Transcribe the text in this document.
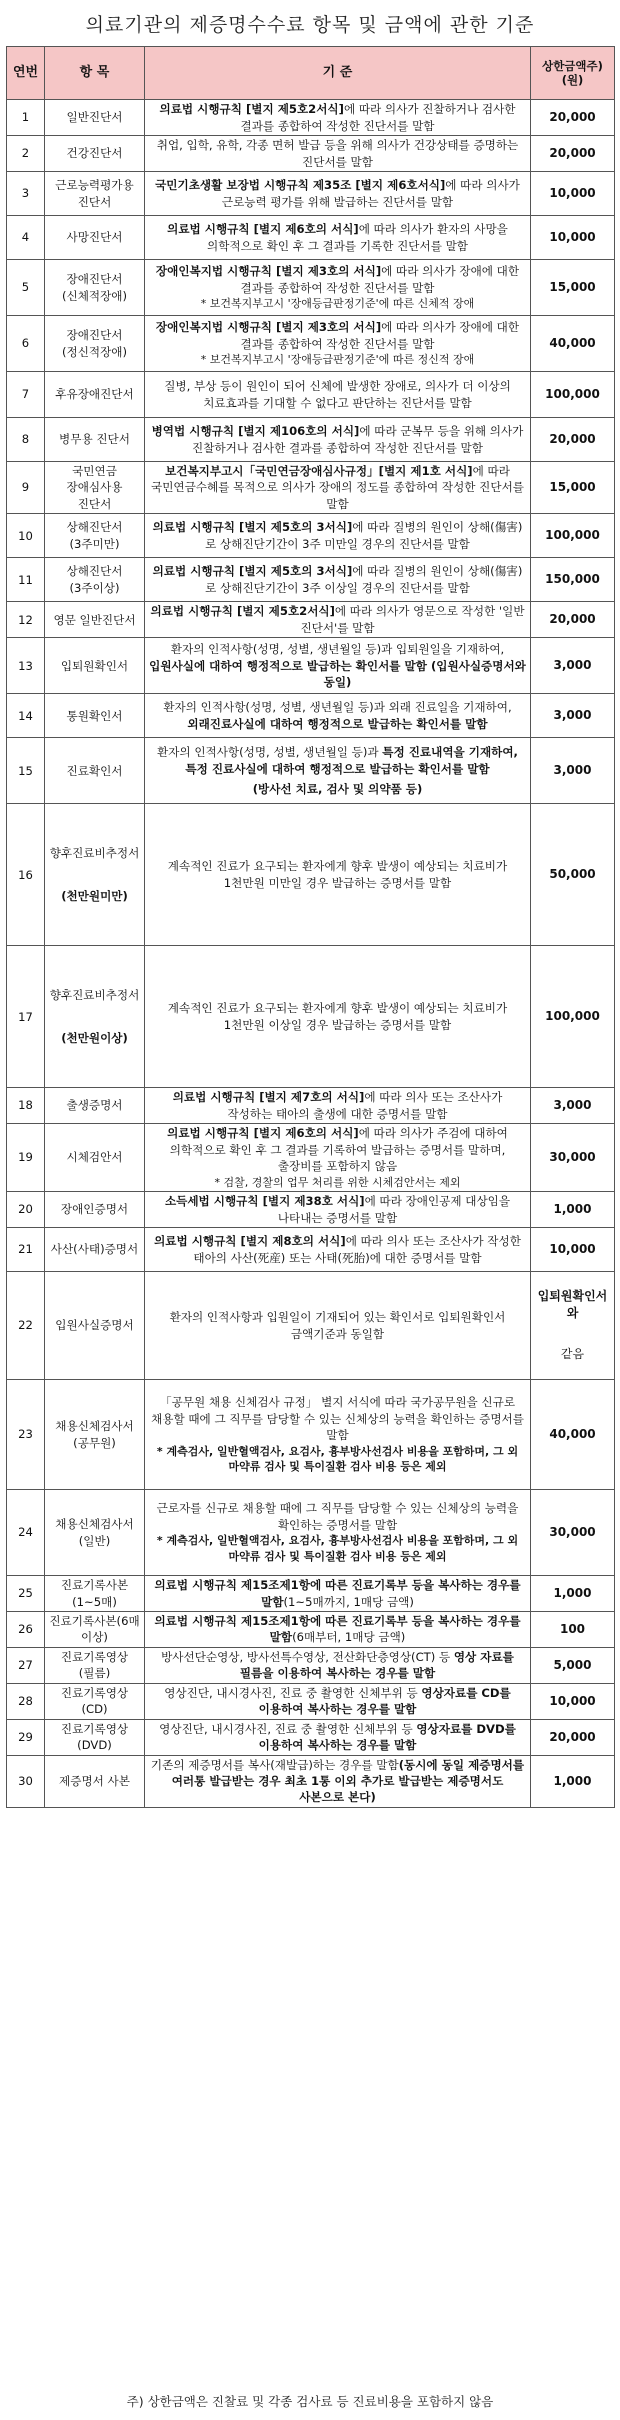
의료기관의 제증명수수료 항목 및 금액에 관한 기준
연번	항 목	기 준	상한금액주)(원)
1	일반진단서	의료법 시행규칙 [별지 제5호2서식]에 따라 의사가 진찰하거나 검사한 결과를 종합하여 작성한 진단서를 말함	20,000

2	건강진단서	취업, 입학, 유학, 각종 면허 발급 등을 위해 의사가 건강상태를 증명하는 진단서를 말함	20,000

3	근로능력평가용 진단서	국민기초생활 보장법 시행규칙 제35조 [별지 제6호서식]에 따라 의사가 근로능력 평가를 위해 발급하는 진단서를 말함	10,000

4	사망진단서	의료법 시행규칙 [별지 제6호의 서식]에 따라 의사가 환자의 사망을 의학적으로 확인 후 그 결과를 기록한 진단서를 말함	10,000

5	장애진단서(신체적장애)	장애인복지법 시행규칙 [별지 제3호의 서식]에 따라 의사가 장애에 대한 결과를 종합하여 작성한 진단서를 말함
* 보건복지부고시 '장애등급판정기준'에 따른 신체적 장애	15,000

6	장애진단서(정신적장애)	장애인복지법 시행규칙 [별지 제3호의 서식]에 따라 의사가 장애에 대한 결과를 종합하여 작성한 진단서를 말함
* 보건복지부고시 '장애등급판정기준'에 따른 정신적 장애	40,000

7	후유장애진단서	질병, 부상 등이 원인이 되어 신체에 발생한 장애로, 의사가 더 이상의 치료효과를 기대할 수 없다고 판단하는 진단서를 말함	100,000

8	병무용 진단서	병역법 시행규칙 [별지 제106호의 서식]에 따라 군복무 등을 위해 의사가 진찰하거나 검사한 결과를 종합하여 작성한 진단서를 말함	20,000

9	국민연금 장애심사용 진단서	보건복지부고시「국민연금장애심사규정」[별지 제1호 서식]에 따라 국민연금수혜를 목적으로 의사가 장애의 정도를 종합하여 작성한 진단서를 말함	15,000

10	상해진단서(3주미만)	의료법 시행규칙 [별지 제5호의 3서식]에 따라 질병의 원인이 상해(傷害)로 상해진단기간이 3주 미만일 경우의 진단서를 말함	100,000

11	상해진단서(3주이상)	의료법 시행규칙 [별지 제5호의 3서식]에 따라 질병의 원인이 상해(傷害)로 상해진단기간이 3주 이상일 경우의 진단서를 말함	150,000

12	영문 일반진단서	의료법 시행규칙 [별지 제5호2서식]에 따라 의사가 영문으로 작성한 '일반 진단서'를 말함	20,000

13	입퇴원확인서	환자의 인적사항(성명, 성별, 생년월일 등)과 입퇴원일을 기재하여, 입원사실에 대하여 행정적으로 발급하는 확인서를 말함 (입원사실증명서와 동일)	3,000

14	통원확인서	환자의 인적사항(성명, 성별, 생년월일 등)과 외래 진료일을 기재하여, 외래진료사실에 대하여 행정적으로 발급하는 확인서를 말함	3,000

15	진료확인서	환자의 인적사항(성명, 성별, 생년월일 등)과 특정 진료내역을 기재하여, 특정 진료사실에 대하여 행정적으로 발급하는 확인서를 말함
(방사선 치료, 검사 및 의약품 등)	3,000

16	향후진료비추정서
(천만원미만)	계속적인 진료가 요구되는 환자에게 향후 발생이 예상되는 치료비가 1천만원 미만일 경우 발급하는 증명서를 말함	50,000

17	향후진료비추정서
(천만원이상)	계속적인 진료가 요구되는 환자에게 향후 발생이 예상되는 치료비가 1천만원 이상일 경우 발급하는 증명서를 말함	100,000

18	출생증명서	의료법 시행규칙 [별지 제7호의 서식]에 따라 의사 또는 조산사가 작성하는 태아의 출생에 대한 증명서를 말함	3,000

19	시체검안서	의료법 시행규칙 [별지 제6호의 서식]에 따라 의사가 주검에 대하여 의학적으로 확인 후 그 결과를 기록하여 발급하는 증명서를 말하며, 출장비를 포함하지 않음
* 검찰, 경찰의 업무 처리를 위한 시체검안서는 제외	30,000

20	장애인증명서	소득세법 시행규칙 [별지 제38호 서식]에 따라 장애인공제 대상임을 나타내는 증명서를 말함	1,000

21	사산(사태)증명서	의료법 시행규칙 [별지 제8호의 서식]에 따라 의사 또는 조산사가 작성한 태아의 사산(死産) 또는 사태(死胎)에 대한 증명서를 말함	10,000

22	입원사실증명서	환자의 인적사항과 입원일이 기재되어 있는 확인서로 입퇴원확인서 금액기준과 동일함	입퇴원확인서와
같음

23	채용신체검사서(공무원)	「공무원 채용 신체검사 규정」 별지 서식에 따라 국가공무원을 신규로 채용할 때에 그 직무를 담당할 수 있는 신체상의 능력을 확인하는 증명서를 말함
* 계측검사, 일반혈액검사, 요검사, 흉부방사선검사 비용을 포함하며, 그 외 마약류 검사 및 특이질환 검사 비용 등은 제외	40,000

24	채용신체검사서(일반)	근로자를 신규로 채용할 때에 그 직무를 담당할 수 있는 신체상의 능력을 확인하는 증명서를 말함
* 계측검사, 일반혈액검사, 요검사, 흉부방사선검사 비용을 포함하며, 그 외 마약류 검사 및 특이질환 검사 비용 등은 제외	30,000

25	진료기록사본(1~5매)	의료법 시행규칙 제15조제1항에 따른 진료기록부 등을 복사하는 경우를 말함(1~5매까지, 1매당 금액)	1,000

26	진료기록사본(6매 이상)	의료법 시행규칙 제15조제1항에 따른 진료기록부 등을 복사하는 경우를 말함(6매부터, 1매당 금액)	100

27	진료기록영상(필름)	방사선단순영상, 방사선특수영상, 전산화단층영상(CT) 등 영상 자료를 필름을 이용하여 복사하는 경우를 말함	5,000

28	진료기록영상(CD)	영상진단, 내시경사진, 진료 중 촬영한 신체부위 등 영상자료를 CD를 이용하여 복사하는 경우를 말함	10,000

29	진료기록영상(DVD)	영상진단, 내시경사진, 진료 중 촬영한 신체부위 등 영상자료를 DVD를 이용하여 복사하는 경우를 말함	20,000

30	제증명서 사본	기존의 제증명서를 복사(재발급)하는 경우를 말함(동시에 동일 제증명서를 여러통 발급받는 경우 최초 1통 이외 추가로 발급받는 제증명서도 사본으로 본다)	1,000
주) 상한금액은 진찰료 및 각종 검사료 등 진료비용을 포함하지 않음
